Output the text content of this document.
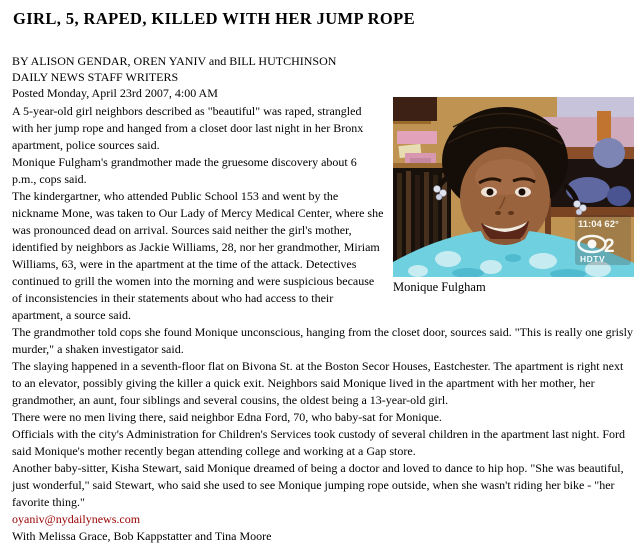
GIRL, 5, RAPED, KILLED WITH HER JUMP ROPE
BY ALISON GENDAR, OREN YANIV and BILL HUTCHINSON
DAILY NEWS STAFF WRITERS
Posted Monday, April 23rd 2007, 4:00 AM
11:04 62°
2
HDTV
Monique Fulgham

A 5-year-old girl neighbors described as "beautiful" was raped, strangled with her jump rope and hanged from a closet door last night in her Bronx apartment, police sources said.

Monique Fulgham's grandmother made the gruesome discovery about 6 p.m., cops said.

The kindergartner, who attended Public School 153 and went by the nickname Mone, was taken to Our Lady of Mercy Medical Center, where she was pronounced dead on arrival. Sources said neither the girl's mother, identified by neighbors as Jackie Williams, 28, nor her grandmother, Miriam Williams, 63, were in the apartment at the time of the attack. Detectives continued to grill the women into the morning and were suspicious because of inconsistencies in their statements about who had access to their apartment, a source said.

The grandmother told cops she found Monique unconscious, hanging from the closet door, sources said. "This is really one grisly murder," a shaken investigator said.

The slaying happened in a seventh-floor flat on Bivona St. at the Boston Secor Houses, Eastchester. The apartment is right next to an elevator, possibly giving the killer a quick exit. Neighbors said Monique lived in the apartment with her mother, her grandmother, an aunt, four siblings and several cousins, the oldest being a 13-year-old girl.

There were no men living there, said neighbor Edna Ford, 70, who baby-sat for Monique.

Officials with the city's Administration for Children's Services took custody of several children in the apartment last night. Ford said Monique's mother recently began attending college and working at a Gap store.

Another baby-sitter, Kisha Stewart, said Monique dreamed of being a doctor and loved to dance to hip hop. "She was beautiful, just wonderful," said Stewart, who said she used to see Monique jumping rope outside, when she wasn't riding her bike - "her favorite thing."

oyaniv@nydailynews.com

With Melissa Grace, Bob Kappstatter and Tina Moore
